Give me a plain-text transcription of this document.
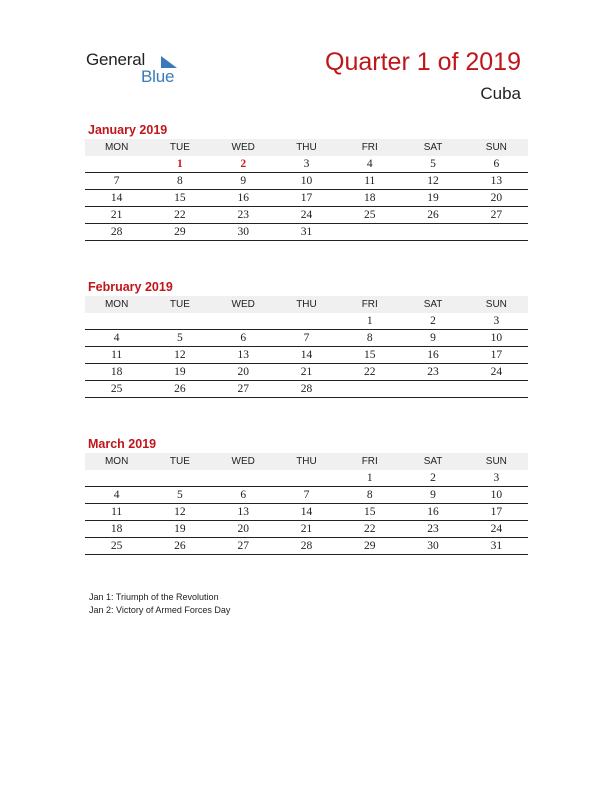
General
Blue
Quarter 1 of 2019
Cuba
January 2019
MON	TUE	WED	THU	FRI	SAT	SUN
	1	2	3	4	5	6
7	8	9	10	11	12	13
14	15	16	17	18	19	20
21	22	23	24	25	26	27
28	29	30	31			
February 2019
MON	TUE	WED	THU	FRI	SAT	SUN
				1	2	3
4	5	6	7	8	9	10
11	12	13	14	15	16	17
18	19	20	21	22	23	24
25	26	27	28			
March 2019
MON	TUE	WED	THU	FRI	SAT	SUN
				1	2	3
4	5	6	7	8	9	10
11	12	13	14	15	16	17
18	19	20	21	22	23	24
25	26	27	28	29	30	31
Jan 1: Triumph of the Revolution
Jan 2: Victory of Armed Forces Day
